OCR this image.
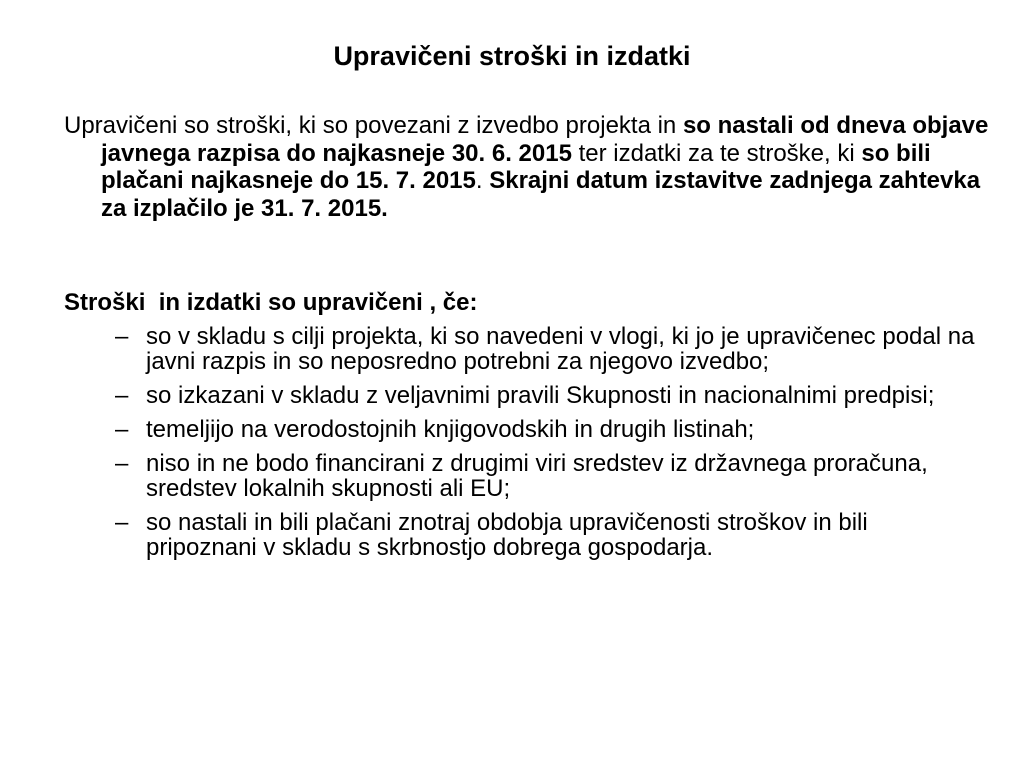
Upravičeni stroški in izdatki

Upravičeni so stroški, ki so povezani z izvedbo projekta in so nastali od dneva objave javnega razpisa do najkasneje 30. 6. 2015 ter izdatki za te stroške, ki so bili plačani najkasneje do 15. 7. 2015. Skrajni datum izstavitve zadnjega zahtevka za izplačilo je 31. 7. 2015.

Stroški  in izdatki so upravičeni , če:

– so v skladu s cilji projekta, ki so navedeni v vlogi, ki jo je upravičenec podal na javni razpis in so neposredno potrebni za njegovo izvedbo;
– so izkazani v skladu z veljavnimi pravili Skupnosti in nacionalnimi predpisi;
– temeljijo na verodostojnih knjigovodskih in drugih listinah;
– niso in ne bodo financirani z drugimi viri sredstev iz državnega proračuna, sredstev lokalnih skupnosti ali EU;
– so nastali in bili plačani znotraj obdobja upravičenosti stroškov in bili pripoznani v skladu s skrbnostjo dobrega gospodarja.
